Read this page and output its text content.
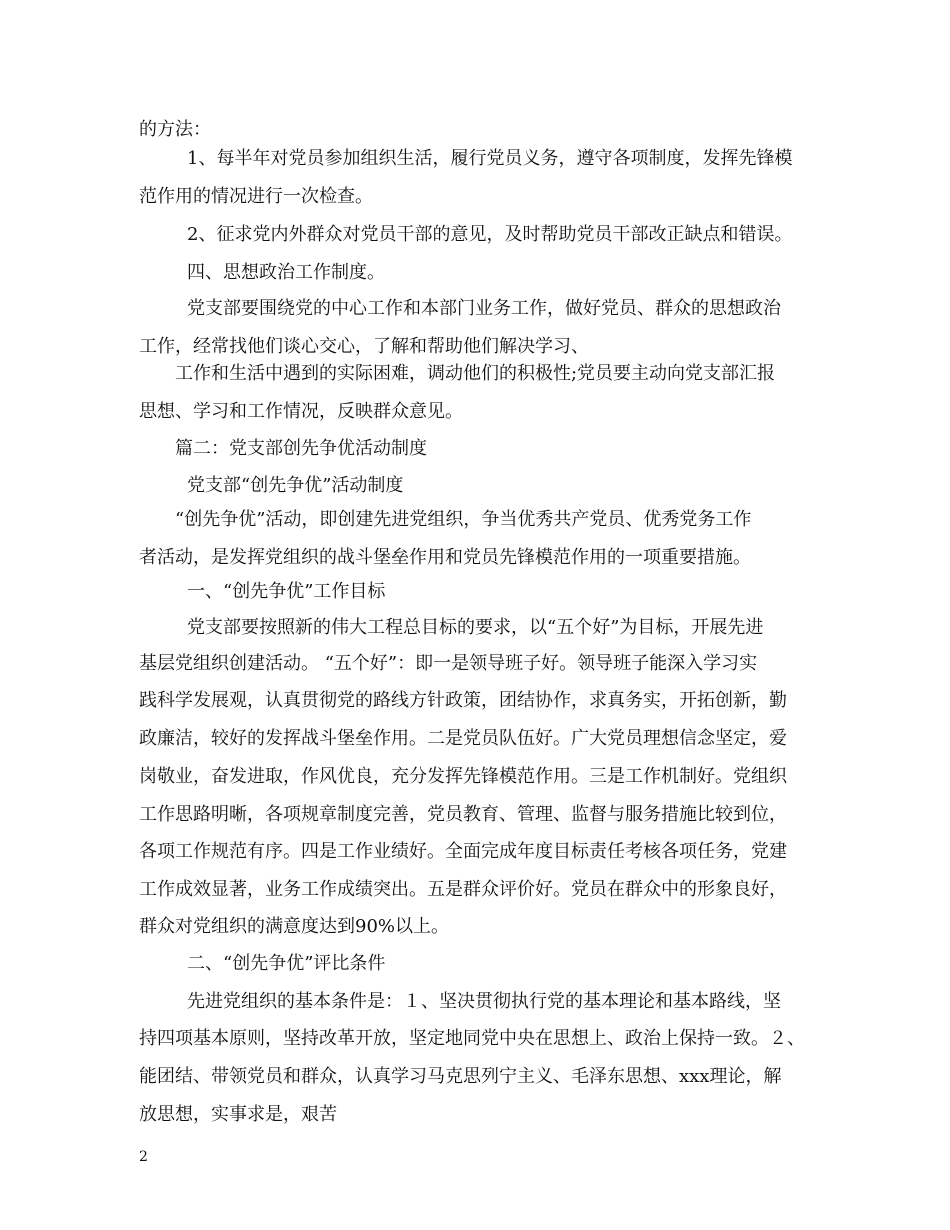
的方法：
1、每半年对党员参加组织生活，履行党员义务，遵守各项制度，发挥先锋模
范作用的情况进行一次检查。
2、征求党内外群众对党员干部的意见，及时帮助党员干部改正缺点和错误。
四、思想政治工作制度。
党支部要围绕党的中心工作和本部门业务工作，做好党员、群众的思想政治
工作，经常找他们谈心交心，了解和帮助他们解决学习、
工作和生活中遇到的实际困难，调动他们的积极性;党员要主动向党支部汇报
思想、学习和工作情况，反映群众意见。
篇二：党支部创先争优活动制度
党支部“创先争优”活动制度
“创先争优”活动，即创建先进党组织，争当优秀共产党员、优秀党务工作
者活动，是发挥党组织的战斗堡垒作用和党员先锋模范作用的一项重要措施。
一、“创先争优”工作目标
党支部要按照新的伟大工程总目标的要求，以“五个好”为目标，开展先进
基层党组织创建活动。 “五个好”：即一是领导班子好。领导班子能深入学习实
践科学发展观，认真贯彻党的路线方针政策，团结协作，求真务实，开拓创新，勤
政廉洁，较好的发挥战斗堡垒作用。二是党员队伍好。广大党员理想信念坚定，爱
岗敬业，奋发进取，作风优良，充分发挥先锋模范作用。三是工作机制好。党组织
工作思路明晰，各项规章制度完善，党员教育、管理、监督与服务措施比较到位，
各项工作规范有序。四是工作业绩好。全面完成年度目标责任考核各项任务，党建
工作成效显著，业务工作成绩突出。五是群众评价好。党员在群众中的形象良好，
群众对党组织的满意度达到90%以上。
二、“创先争优”评比条件
先进党组织的基本条件是：１、坚决贯彻执行党的基本理论和基本路线，坚
持四项基本原则，坚持改革开放，坚定地同党中央在思想上、政治上保持一致。２、
能团结、带领党员和群众，认真学习马克思列宁主义、毛泽东思想、xxx理论，解
放思想，实事求是，艰苦
2
